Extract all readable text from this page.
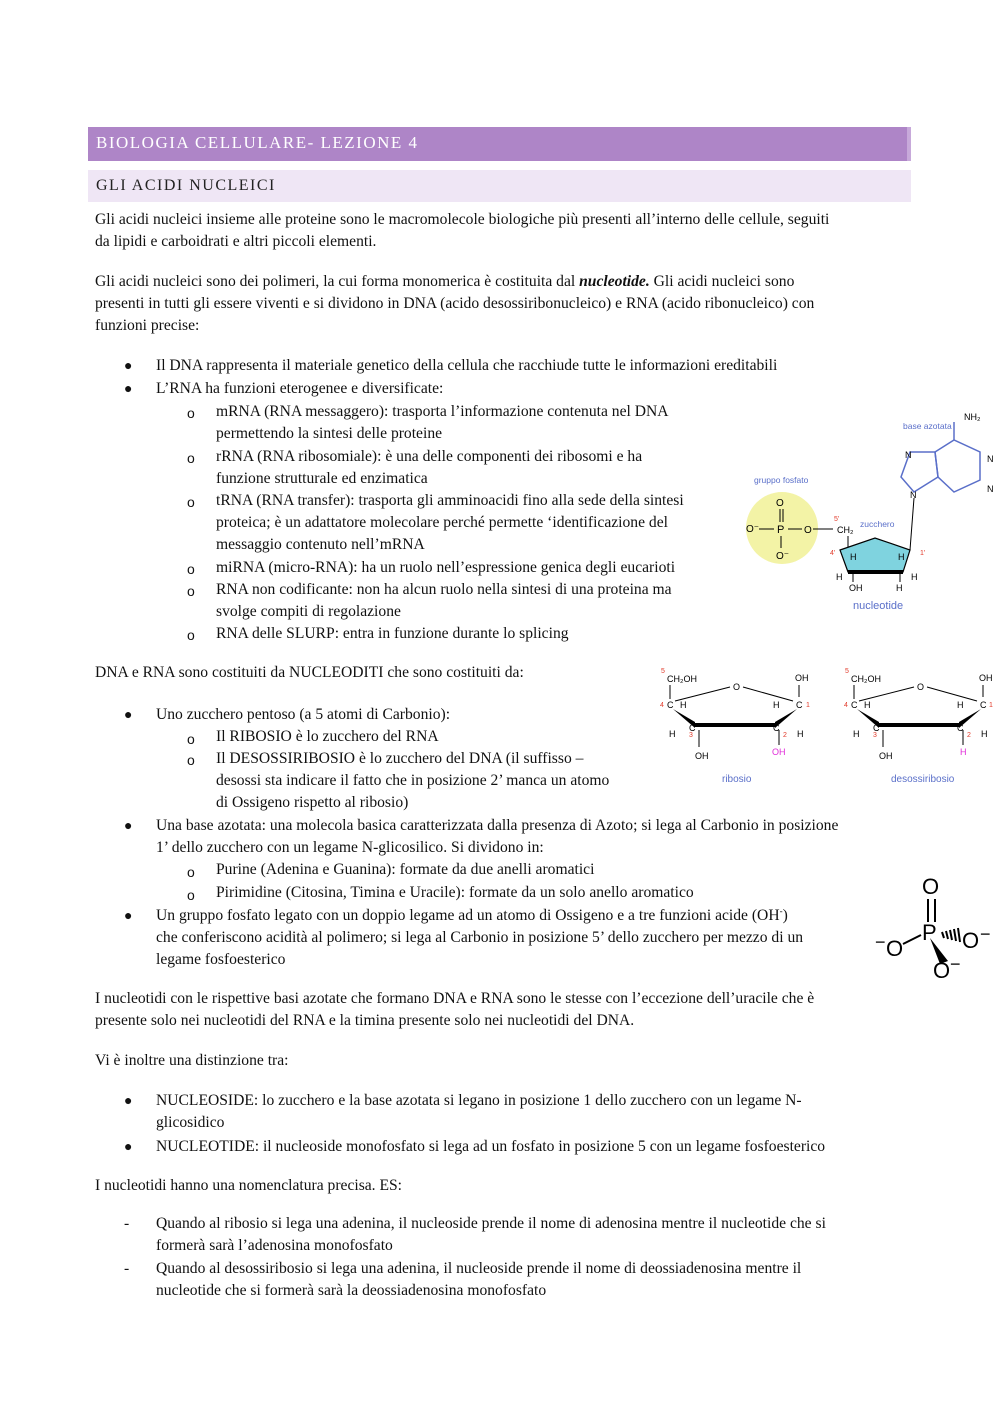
BIOLOGIA CELLULARE- LEZIONE 4
GLI ACIDI NUCLEICI
Gli acidi nucleici insieme alle proteine sono le macromolecole biologiche più presenti all’interno delle cellule, seguiti
da lipidi e carboidrati e altri piccoli elementi.
Gli acidi nucleici sono dei polimeri, la cui forma monomerica è costituita dal nucleotide. Gli acidi nucleici sono
presenti in tutti gli essere viventi e si dividono in DNA (acido desossiribonucleico) e RNA (acido ribonucleico) con
funzioni precise:
● Il DNA rappresenta il materiale genetico della cellula che racchiude tutte le informazioni ereditabili
● L’RNA ha funzioni eterogenee e diversificate:
o mRNA (RNA messaggero): trasporta l’informazione contenuta nel DNA
permettendo la sintesi delle proteine
o rRNA (RNA ribosomiale): è una delle componenti dei ribosomi e ha
funzione strutturale ed enzimatica
o tRNA (RNA transfer): trasporta gli amminoacidi fino alla sede della sintesi
proteica; è un adattatore molecolare perché permette ‘identificazione del
messaggio contenuto nell’mRNA
o miRNA (micro-RNA): ha un ruolo nell’espressione genica degli eucarioti
o RNA non codificante: non ha alcun ruolo nella sintesi di una proteina ma
svolge compiti di regolazione
o RNA delle SLURP: entra in funzione durante lo splicing
gruppo fosfato
base azotata
zucchero
O
O⁻ P O
O⁻
5'
CH₂
4'	1'
H	H
H	H
OH	H
nucleotide
NH₂
N
N	N
N
DNA e RNA sono costituiti da NUCLEODITI che sono costituiti da:	5
CH₂OH
4 C
O
C 1
OH
H	H
H	H
C	C
3	2
OH	OH
ribosio
5
CH₂OH
4 C
O
C 1
OH
H	H
H	H
C	C
3	2
OH	H
desossiribosio
● Uno zucchero pentoso (a 5 atomi di Carbonio):
o Il RIBOSIO è lo zucchero del RNA
o Il DESOSSIRIBOSIO è lo zucchero del DNA (il suffisso –
desossi sta indicare il fatto che in posizione 2’ manca un atomo
di Ossigeno rispetto al ribosio)
● Una base azotata: una molecola basica caratterizzata dalla presenza di Azoto; si lega al Carbonio in posizione
1’ dello zucchero con un legame N-glicosilico. Si dividono in:
o Purine (Adenina e Guanina): formate da due anelli aromatici
o Pirimidine (Citosina, Timina e Uracile): formate da un solo anello aromatico
● Un gruppo fosfato legato con un doppio legame ad un atomo di Ossigeno e a tre funzioni acide (OH-)
che conferiscono acidità al polimero; si lega al Carbonio in posizione 5’ dello zucchero per mezzo di un
legame fosfoesterico
O
P
− O	O −
O −
I nucleotidi con le rispettive basi azotate che formano DNA e RNA sono le stesse con l’eccezione dell’uracile che è
presente solo nei nucleotidi del RNA e la timina presente solo nei nucleotidi del DNA.
Vi è inoltre una distinzione tra:
● NUCLEOSIDE: lo zucchero e la base azotata si legano in posizione 1 dello zucchero con un legame N-
glicosidico
● NUCLEOTIDE: il nucleoside monofosfato si lega ad un fosfato in posizione 5 con un legame fosfoesterico
I nucleotidi hanno una nomenclatura precisa. ES:
- Quando al ribosio si lega una adenina, il nucleoside prende il nome di adenosina mentre il nucleotide che si
formerà sarà l’adenosina monofosfato
- Quando al desossiribosio si lega una adenina, il nucleoside prende il nome di deossiadenosina mentre il
nucleotide che si formerà sarà la deossiadenosina monofosfato
